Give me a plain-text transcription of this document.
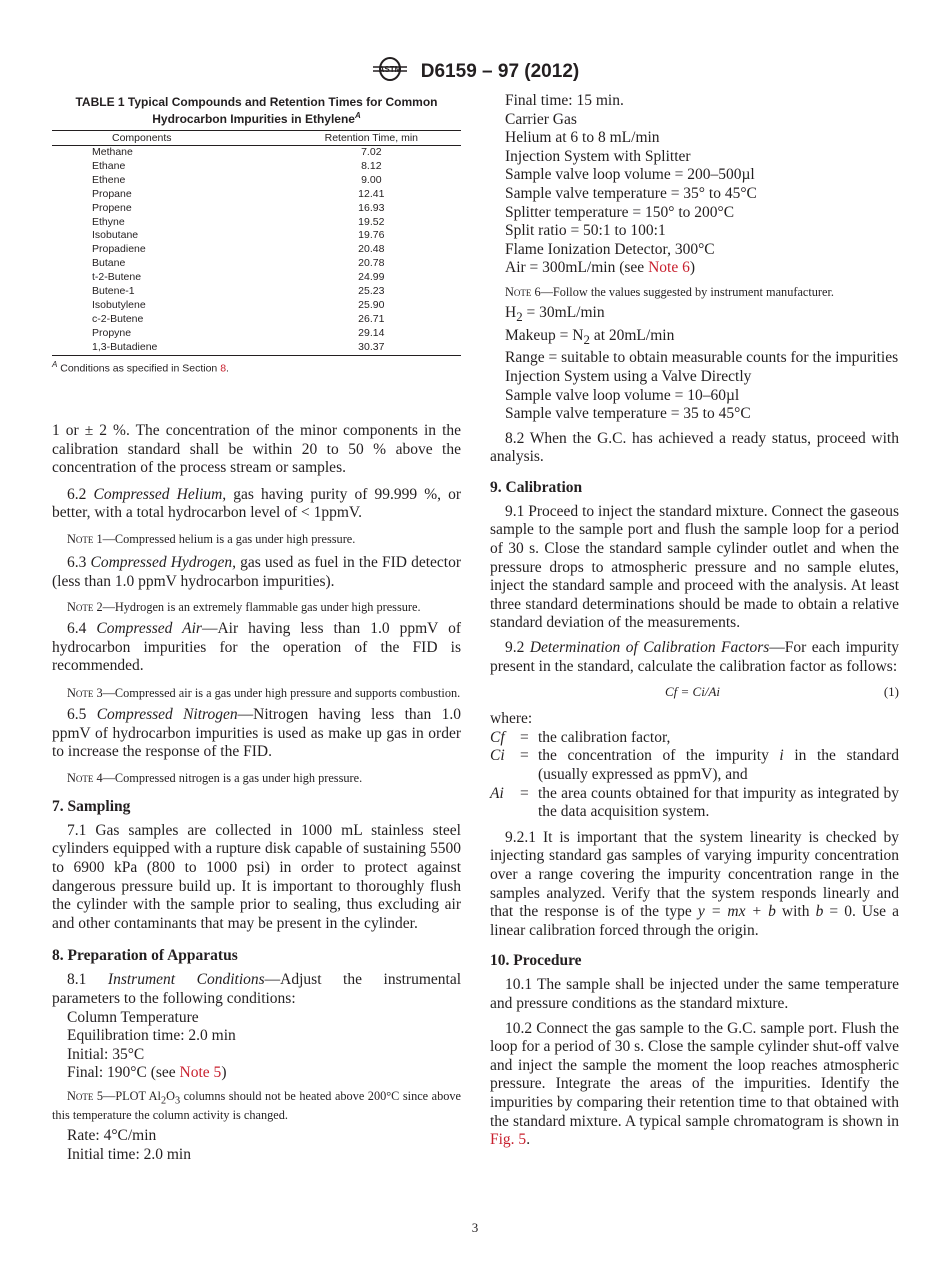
ASTM D6159 – 97 (2012)
TABLE 1 Typical Compounds and Retention Times for Common
Hydrocarbon Impurities in Ethylene$^A$
Components	Retention Time, min
Methane	7.02
Ethane	8.12
Ethene	9.00
Propane	12.41
Propene	16.93
Ethyne	19.52
Isobutane	19.76
Propadiene	20.48
Butane	20.78
t-2-Butene	24.99
Butene-1	25.23
Isobutylene	25.90
c-2-Butene	26.71
Propyne	29.14
1,3-Butadiene	30.37
$^A$ Conditions as specified in Section 8.

1 or ± 2 %. The concentration of the minor components in the calibration standard shall be within 20 to 50 % above the concentration of the process stream or samples.

6.2 Compressed Helium, gas having purity of 99.999 %, or better, with a total hydrocarbon level of < 1ppmV.

Note 1—Compressed helium is a gas under high pressure.

6.3 Compressed Hydrogen, gas used as fuel in the FID detector (less than 1.0 ppmV hydrocarbon impurities).

Note 2—Hydrogen is an extremely flammable gas under high pressure.

6.4 Compressed Air—Air having less than 1.0 ppmV of hydrocarbon impurities for the operation of the FID is recommended.

Note 3—Compressed air is a gas under high pressure and supports combustion.

6.5 Compressed Nitrogen—Nitrogen having less than 1.0 ppmV of hydrocarbon impurities is used as make up gas in order to increase the response of the FID.

Note 4—Compressed nitrogen is a gas under high pressure.

7. Sampling

7.1 Gas samples are collected in 1000 mL stainless steel cylinders equipped with a rupture disk capable of sustaining 5500 to 6900 kPa (800 to 1000 psi) in order to protect against dangerous pressure build up. It is important to thoroughly flush the cylinder with the sample prior to sealing, thus excluding air and other contaminants that may be present in the cylinder.

8. Preparation of Apparatus

8.1 Instrument Conditions—Adjust the instrumental parameters to the following conditions:

Column Temperature

Equilibration time: 2.0 min

Initial: 35°C

Final: 190°C (see Note 5)

Note 5—PLOT $Al_2O_3$ columns should not be heated above 200°C since above this temperature the column activity is changed.

Rate: 4°C/min

Initial time: 2.0 min

Final time: 15 min.

Carrier Gas

Helium at 6 to 8 mL/min

Injection System with Splitter

Sample valve loop volume = 200–500µl

Sample valve temperature = 35° to 45°C

Splitter temperature = 150° to 200°C

Split ratio = 50:1 to 100:1

Flame Ionization Detector, 300°C

Air = 300mL/min (see Note 6)

Note 6—Follow the values suggested by instrument manufacturer.

$H_2 = 30mL/\min$

Makeup = $N_2$ at 20mL/min

Range = suitable to obtain measurable counts for the impurities

Injection System using a Valve Directly

Sample valve loop volume = 10–60µl

Sample valve temperature = 35 to 45°C

8.2 When the G.C. has achieved a ready status, proceed with analysis.

9. Calibration

9.1 Proceed to inject the standard mixture. Connect the gaseous sample to the sample port and flush the sample loop for a period of 30 s. Close the standard sample cylinder outlet and when the pressure drops to atmospheric pressure and no sample elutes, inject the standard sample and proceed with the analysis. At least three standard determinations should be made to obtain a relative standard deviation of the measurements.

9.2 Determination of Calibration Factors—For each impurity present in the standard, calculate the calibration factor as follows:

Cf = Ci/Ai	(1)

where:

Cf = the calibration factor,
Ci = the concentration of the impurity i in the standard (usually expressed as ppmV), and
Ai	= the area counts obtained for that impurity as integrated by the data acquisition system.

9.2.1 It is important that the system linearity is checked by injecting standard gas samples of varying impurity concentration over a range covering the impurity concentration range in the samples analyzed. Verify that the system responds linearly and that the response is of the type y = mx + b with b = 0. Use a linear calibration forced through the origin.

10. Procedure

10.1 The sample shall be injected under the same temperature and pressure conditions as the standard mixture.

10.2 Connect the gas sample to the G.C. sample port. Flush the loop for a period of 30 s. Close the sample cylinder shut-off valve and inject the sample the moment the loop reaches atmospheric pressure. Integrate the areas of the impurities. Identify the impurities by comparing their retention time to that obtained with the standard mixture. A typical sample chromatogram is shown in Fig. 5.

3
